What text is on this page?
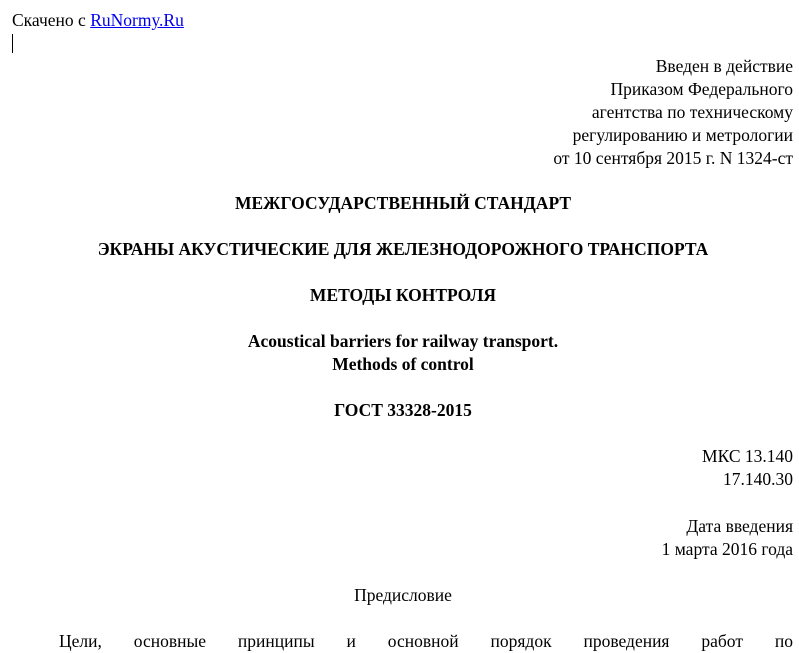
Скачено с RuNormy.Ru
Введен в действие
Приказом Федерального
агентства по техническому
регулированию и метрологии
от 10 сентября 2015 г. N 1324-ст
МЕЖГОСУДАРСТВЕННЫЙ СТАНДАРТ
ЭКРАНЫ АКУСТИЧЕСКИЕ ДЛЯ ЖЕЛЕЗНОДОРОЖНОГО ТРАНСПОРТА
МЕТОДЫ КОНТРОЛЯ
Acoustical barriers for railway transport.
Methods of control
ГОСТ 33328-2015
МКС 13.140
17.140.30
Дата введения
1 марта 2016 года
Предисловие
Цели, основные принципы и основной порядок проведения работ по
